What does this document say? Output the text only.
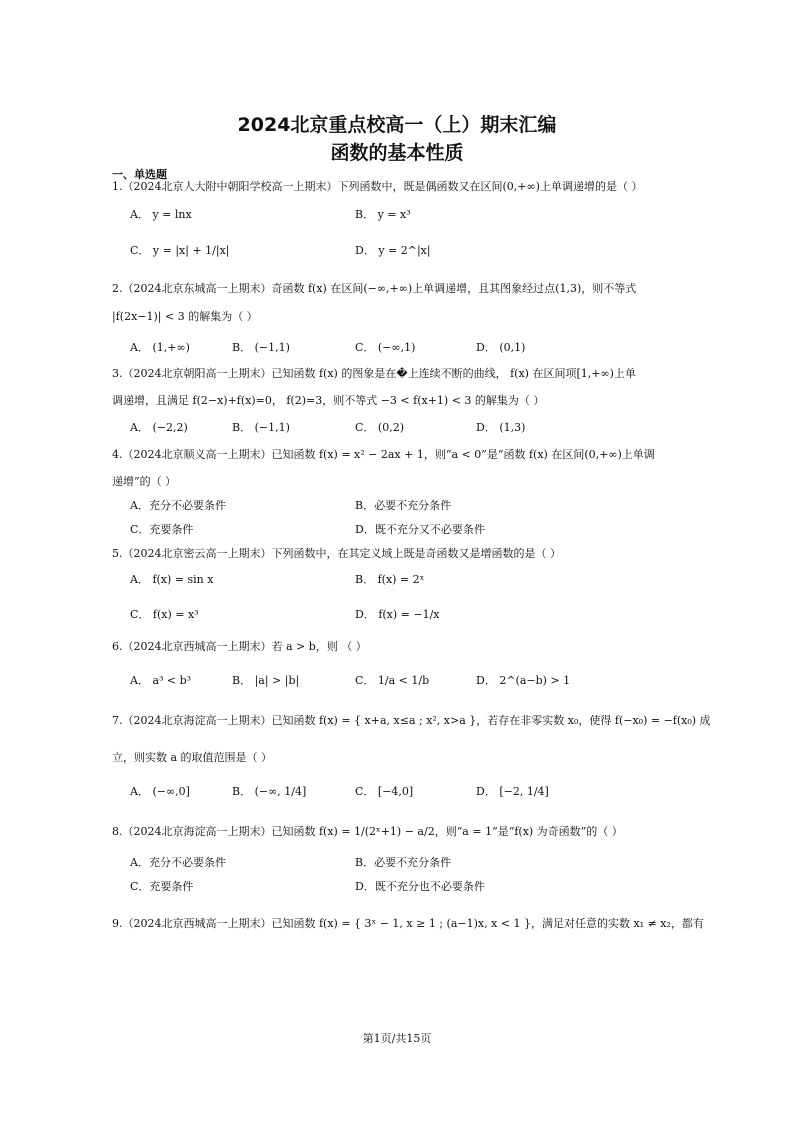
2024北京重点校高一（上）期末汇编
函数的基本性质
一、单选题
1.（2024北京人大附中朝阳学校高一上期末）下列函数中，既是偶函数又在区间(0,+∞)上单调递增的是（ ）
A． y = lnx	B． y = x³
C． y = |x| + 1/|x|	D． y = 2^|x|
2.（2024北京东城高一上期末）奇函数 f(x) 在区间(−∞,+∞)上单调递增，且其图象经过点(1,3)，则不等式
|f(2x−1)| < 3 的解集为（ ）
A． (1,+∞)	B． (−1,1)	C． (−∞,1)	D． (0,1)
3.（2024北京朝阳高一上期末）已知函数 f(x) 的图象是在�上连续不断的曲线， f(x) 在区间项[1,+∞)上单
调递增，且满足 f(2−x)+f(x)=0， f(2)=3，则不等式 −3 < f(x+1) < 3 的解集为（ ）
A． (−2,2)	B． (−1,1)	C． (0,2)	D． (1,3)
4.（2024北京顺义高一上期末）已知函数 f(x) = x² − 2ax + 1，则“a < 0”是“函数 f(x) 在区间(0,+∞)上单调
递增”的（ ）
A．充分不必要条件	B．必要不充分条件
C．充要条件	D．既不充分又不必要条件
5.（2024北京密云高一上期末）下列函数中，在其定义域上既是奇函数又是增函数的是（ ）
A． f(x) = sin x	B． f(x) = 2ˣ
C． f(x) = x³	D． f(x) = −1/x
6.（2024北京西城高一上期末）若 a > b，则 （ ）
A． a³ < b³	B． |a| > |b|	C． 1/a < 1/b	D． 2^(a−b) > 1
7.（2024北京海淀高一上期末）已知函数 f(x) = { x+a, x≤a ; x², x>a }，若存在非零实数 x₀，使得 f(−x₀) = −f(x₀) 成
立，则实数 a 的取值范围是（ ）
A． (−∞,0]	B． (−∞, 1/4]	C． [−4,0]	D． [−2, 1/4]
8.（2024北京海淀高一上期末）已知函数 f(x) = 1/(2ˣ+1) − a/2，则“a = 1”是“f(x) 为奇函数”的（ ）
A．充分不必要条件	B．必要不充分条件
C．充要条件	D．既不充分也不必要条件
9.（2024北京西城高一上期末）已知函数 f(x) = { 3ˣ − 1, x ≥ 1 ; (a−1)x, x < 1 }，满足对任意的实数 x₁ ≠ x₂，都有
第1页/共15页
